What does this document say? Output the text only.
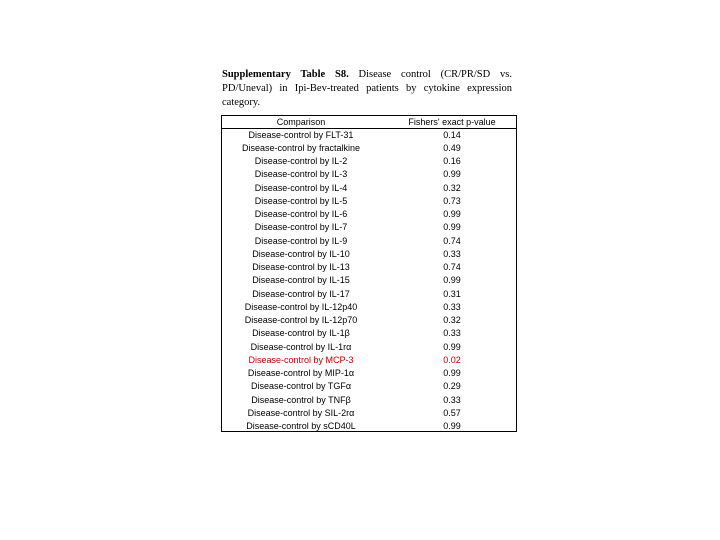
Supplementary Table S8. Disease control (CR/PR/SD vs. PD/Uneval) in Ipi-Bev-treated patients by cytokine expression category.
Comparison	Fishers' exact p-value
Disease-control by FLT-31	0.14
Disease-control by fractalkine	0.49
Disease-control by IL-2	0.16
Disease-control by IL-3	0.99
Disease-control by IL-4	0.32
Disease-control by IL-5	0.73
Disease-control by IL-6	0.99
Disease-control by IL-7	0.99
Disease-control by IL-9	0.74
Disease-control by IL-10	0.33
Disease-control by IL-13	0.74
Disease-control by IL-15	0.99
Disease-control by IL-17	0.31
Disease-control by IL-12p40	0.33
Disease-control by IL-12p70	0.32
Disease-control by IL-1β	0.33
Disease-control by IL-1rα	0.99
Disease-control by MCP-3	0.02
Disease-control by MIP-1α	0.99
Disease-control by TGFα	0.29
Disease-control by TNFβ	0.33
Disease-control by SIL-2rα	0.57
Disease-control by sCD40L	0.99
